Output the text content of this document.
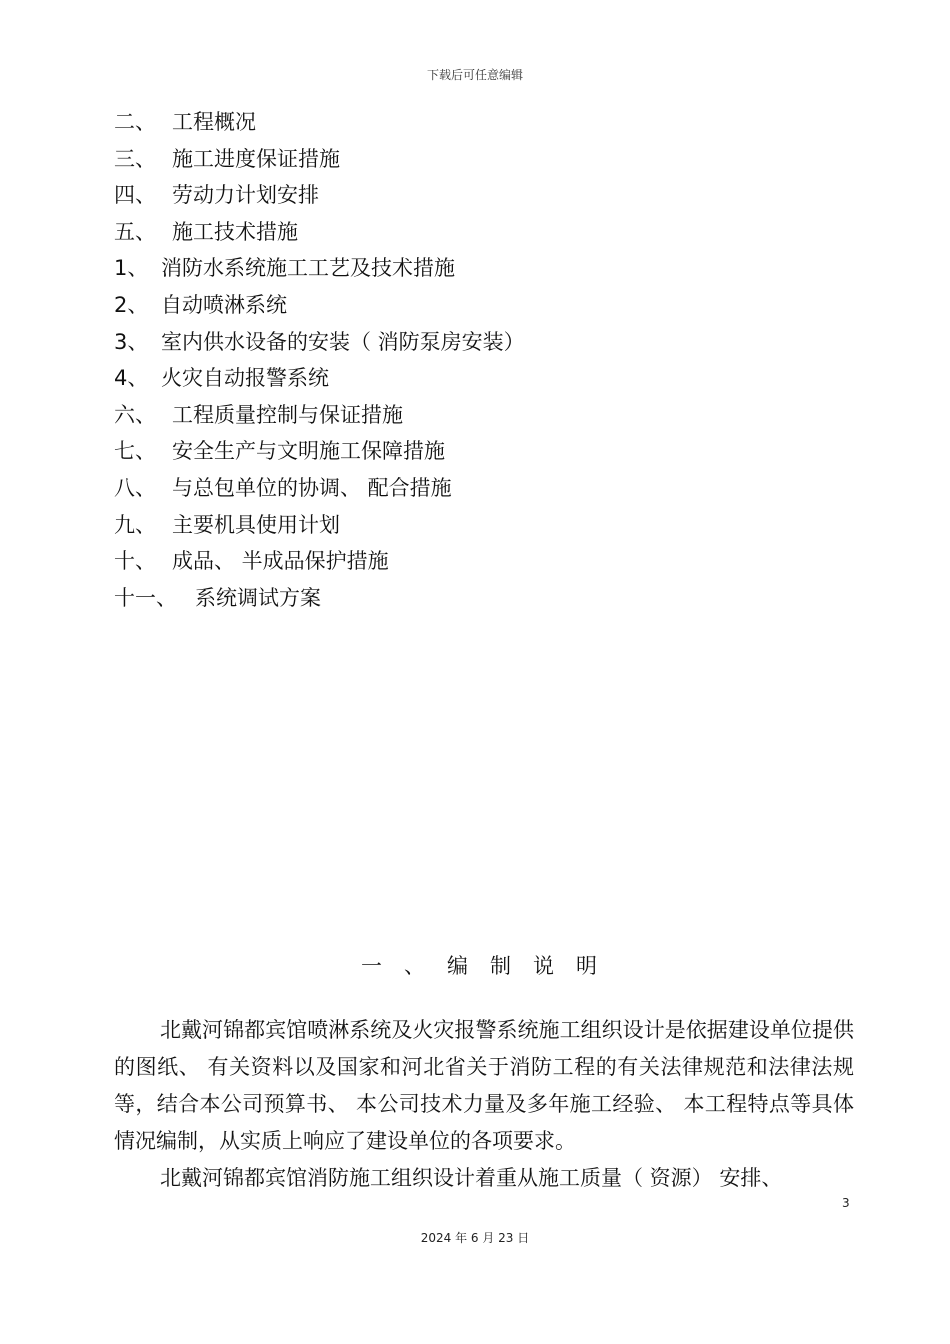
下载后可任意编辑
二、 工程概况
三、 施工进度保证措施
四、 劳动力计划安排
五、 施工技术措施
1、 消防水系统施工工艺及技术措施
2、 自动喷淋系统
3、 室内供水设备的安装（ 消防泵房安装）
4、 火灾自动报警系统
六、 工程质量控制与保证措施
七、 安全生产与文明施工保障措施
八、 与总包单位的协调、 配合措施
九、 主要机具使用计划
十、 成品、 半成品保护措施
十一、 系统调试方案
一、编制说明

北戴河锦都宾馆喷淋系统及火灾报警系统施工组织设计是依据建设单位提供的图纸、 有关资料以及国家和河北省关于消防工程的有关法律规范和法律法规等，结合本公司预算书、 本公司技术力量及多年施工经验、 本工程特点等具体情况编制，从实质上响应了建设单位的各项要求。

北戴河锦都宾馆消防施工组织设计着重从施工质量（ 资源） 安排、

3
2024 年 6 月 23 日
